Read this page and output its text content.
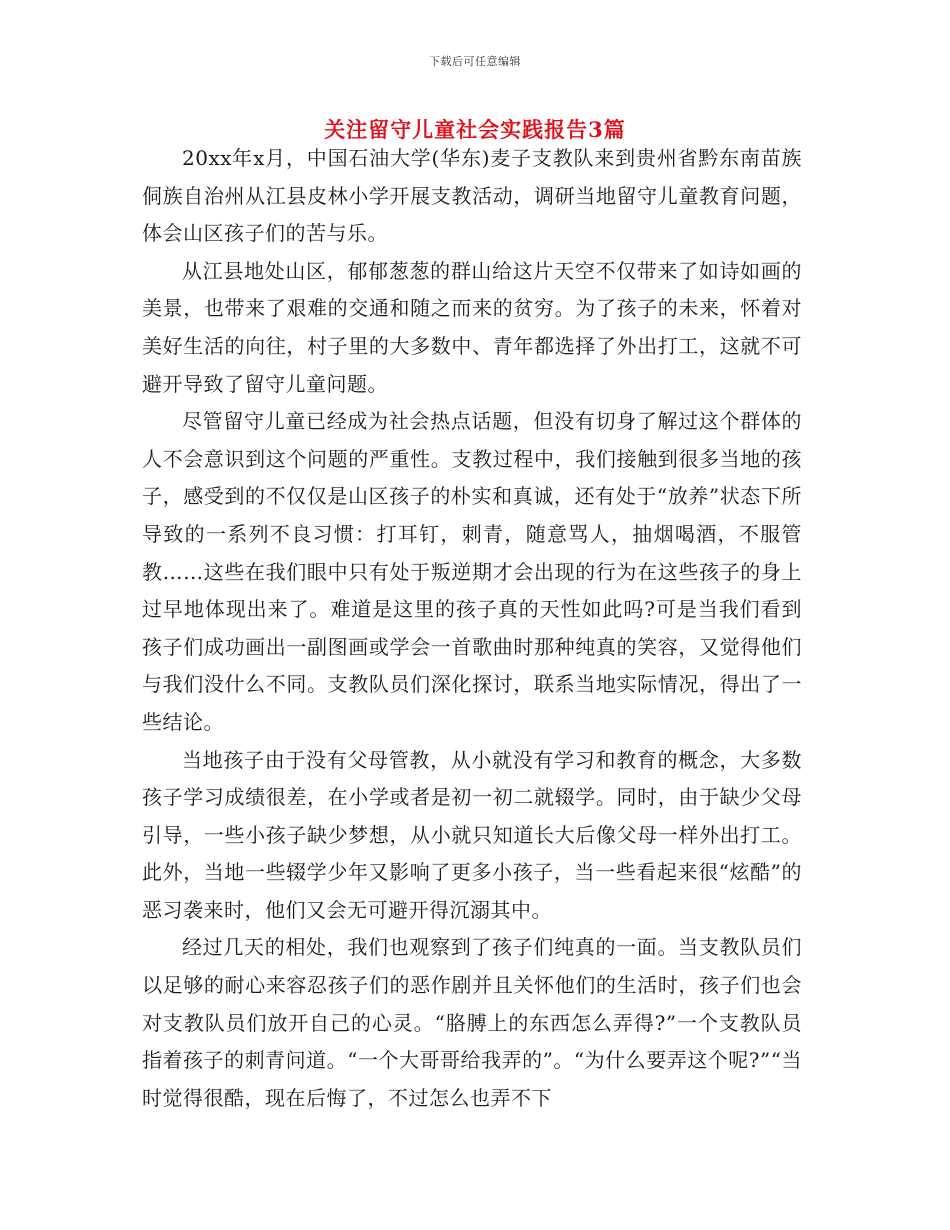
下载后可任意编辑
关注留守儿童社会实践报告3篇

20xx年x月，中国石油大学(华东)麦子支教队来到贵州省黔东南苗族侗族自治州从江县皮林小学开展支教活动，调研当地留守儿童教育问题，体会山区孩子们的苦与乐。

从江县地处山区，郁郁葱葱的群山给这片天空不仅带来了如诗如画的美景，也带来了艰难的交通和随之而来的贫穷。为了孩子的未来，怀着对美好生活的向往，村子里的大多数中、青年都选择了外出打工，这就不可避开导致了留守儿童问题。

尽管留守儿童已经成为社会热点话题，但没有切身了解过这个群体的人不会意识到这个问题的严重性。支教过程中，我们接触到很多当地的孩子，感受到的不仅仅是山区孩子的朴实和真诚，还有处于“放养”状态下所导致的一系列不良习惯：打耳钉，刺青，随意骂人，抽烟喝酒，不服管教……这些在我们眼中只有处于叛逆期才会出现的行为在这些孩子的身上过早地体现出来了。难道是这里的孩子真的天性如此吗?可是当我们看到孩子们成功画出一副图画或学会一首歌曲时那种纯真的笑容，又觉得他们与我们没什么不同。支教队员们深化探讨，联系当地实际情况，得出了一些结论。

当地孩子由于没有父母管教，从小就没有学习和教育的概念，大多数孩子学习成绩很差，在小学或者是初一初二就辍学。同时，由于缺少父母引导，一些小孩子缺少梦想，从小就只知道长大后像父母一样外出打工。此外，当地一些辍学少年又影响了更多小孩子，当一些看起来很“炫酷”的恶习袭来时，他们又会无可避开得沉溺其中。

经过几天的相处，我们也观察到了孩子们纯真的一面。当支教队员们以足够的耐心来容忍孩子们的恶作剧并且关怀他们的生活时，孩子们也会对支教队员们放开自己的心灵。“胳膊上的东西怎么弄得?”一个支教队员指着孩子的刺青问道。“一个大哥哥给我弄的”。“为什么要弄这个呢?”“当时觉得很酷，现在后悔了，不过怎么也弄不下
